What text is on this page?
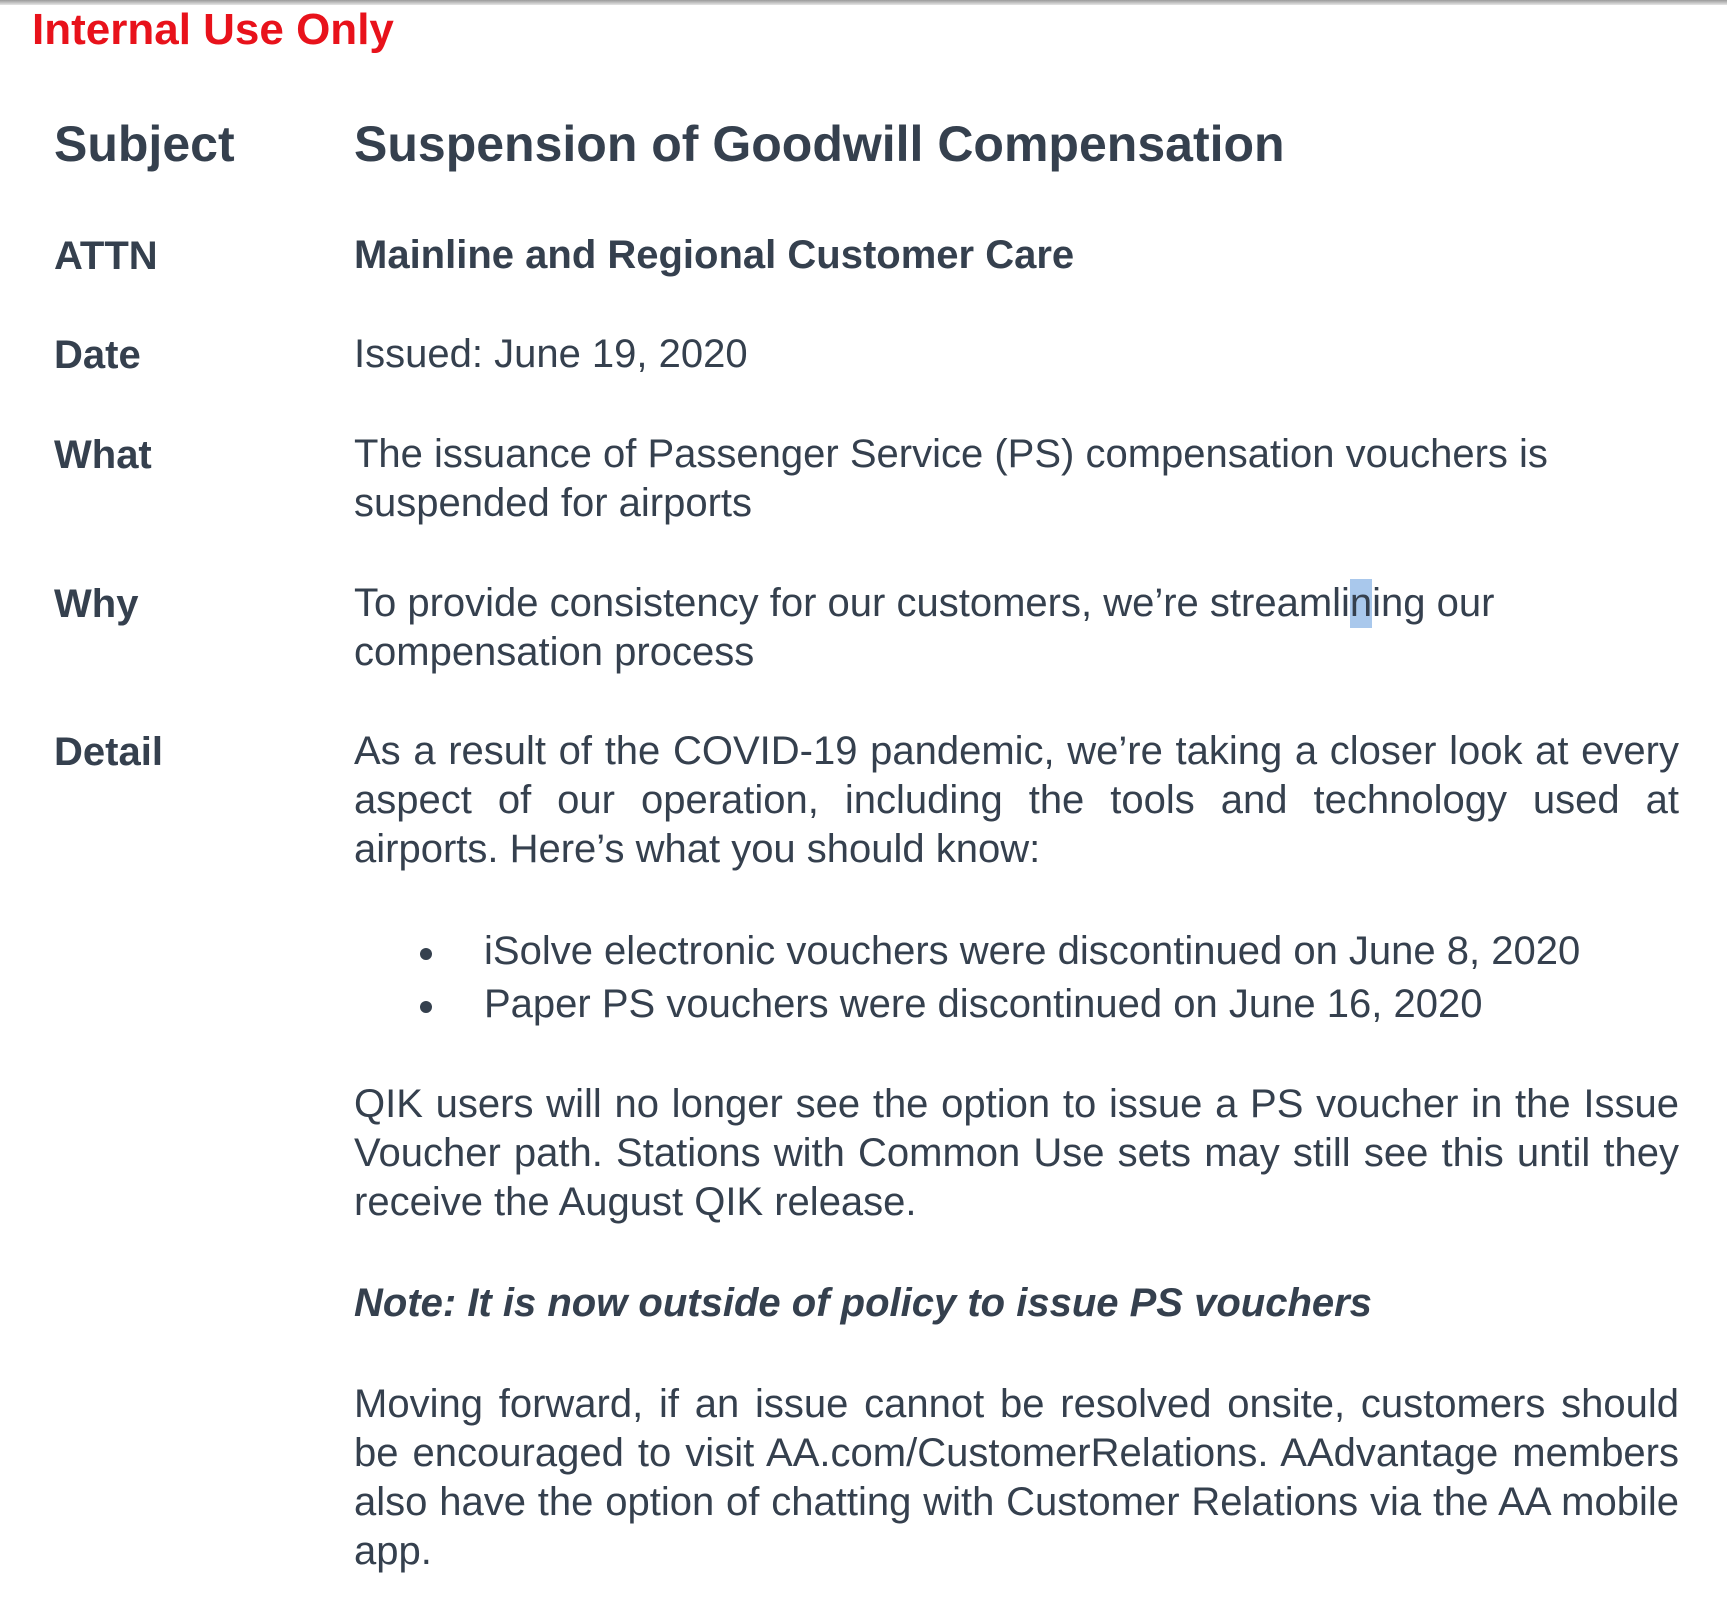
Internal Use Only
Subject Suspension of Goodwill Compensation
ATTN	Mainline and Regional Customer Care
Date	Issued: June 19, 2020
What	The issuance of Passenger Service (PS) compensation vouchers is suspended for airports
Why	To provide consistency for our customers, we’re streamlining our compensation process
Detail	As a result of the COVID-19 pandemic, we’re taking a closer look at every aspect of our operation, including the tools and technology used at airports. Here’s what you should know:
iSolve electronic vouchers were discontinued on June 8, 2020
Paper PS vouchers were discontinued on June 16, 2020
QIK users will no longer see the option to issue a PS voucher in the Issue Voucher path. Stations with Common Use sets may still see this until they receive the August QIK release.
Note: It is now outside of policy to issue PS vouchers
Moving forward, if an issue cannot be resolved onsite, customers should be encouraged to visit AA.com/CustomerRelations. AAdvantage members also have the option of chatting with Customer Relations via the AA mobile app.
